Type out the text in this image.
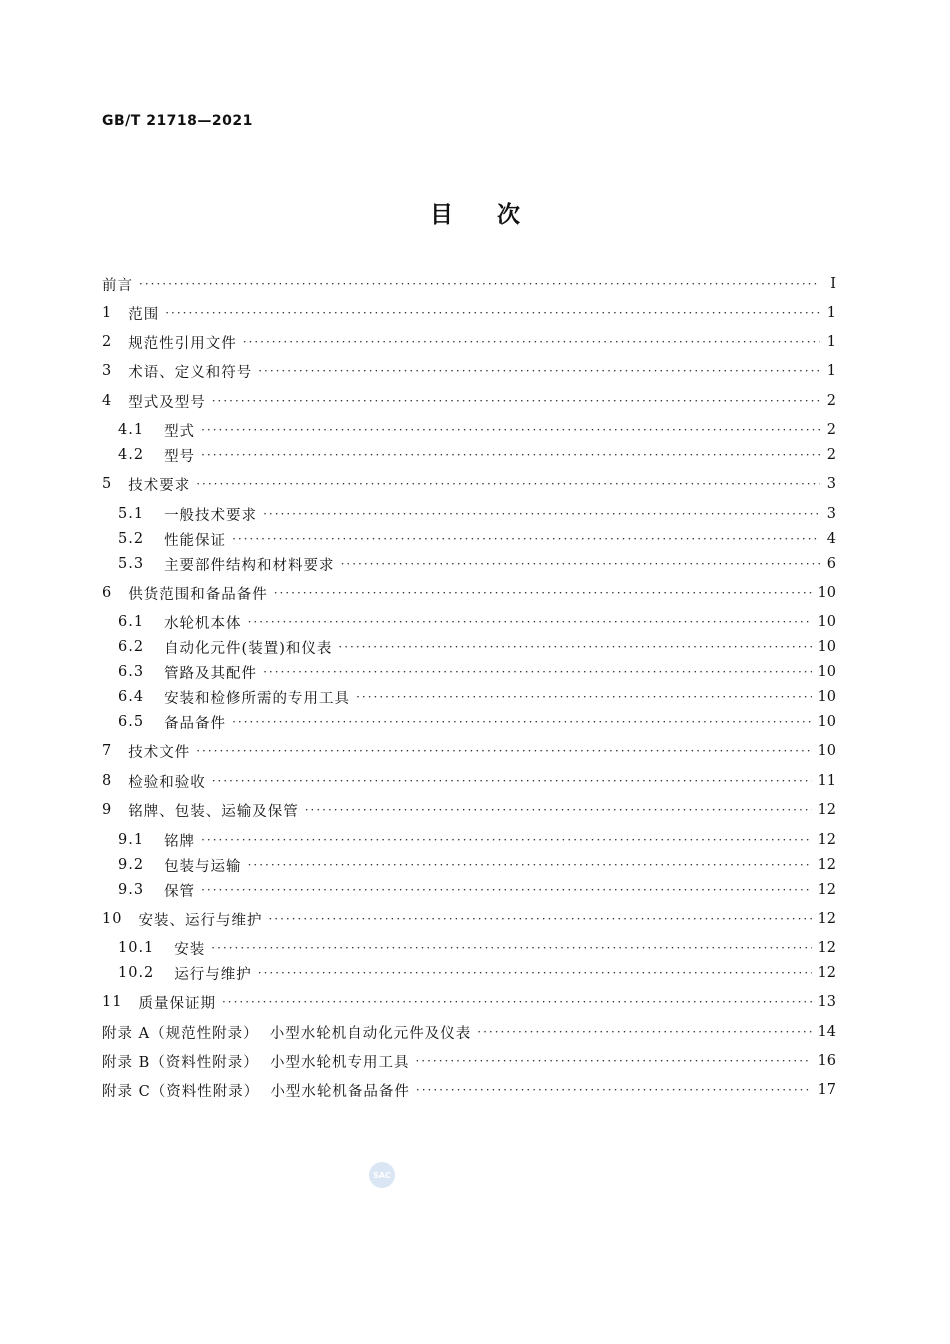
GB/T 21718—2021
目 次
前言 ·····	I
1 范围 ·····	1
2 规范性引用文件 ·····	1
3 术语、定义和符号 ·····	1
4 型式及型号 ·····	2
4.1 型式 ·····	2
4.2 型号 ·····	2
5 技术要求 ·····	3
5.1 一般技术要求 ·····	3
5.2 性能保证 ·····	4
5.3 主要部件结构和材料要求 ·····	6
6 供货范围和备品备件 ·····	10
6.1 水轮机本体 ·····	10
6.2 自动化元件(装置)和仪表 ·····	10
6.3 管路及其配件 ·····	10
6.4 安装和检修所需的专用工具 ·····	10
6.5 备品备件 ·····	10
7 技术文件 ·····	10
8 检验和验收 ·····	11
9 铭牌、包装、运输及保管 ·····	12
9.1 铭牌 ·····	12
9.2 包装与运输 ·····	12
9.3 保管 ·····	12
10 安装、运行与维护 ·····	12
10.1 安装 ·····	12
10.2 运行与维护 ·····	12
11 质量保证期 ·····	13
附录 A（规范性附录）  小型水轮机自动化元件及仪表 ·····	14
附录 B（资料性附录）  小型水轮机专用工具 ·····	16
附录 C（资料性附录）  小型水轮机备品备件 ·····	17
SAC
